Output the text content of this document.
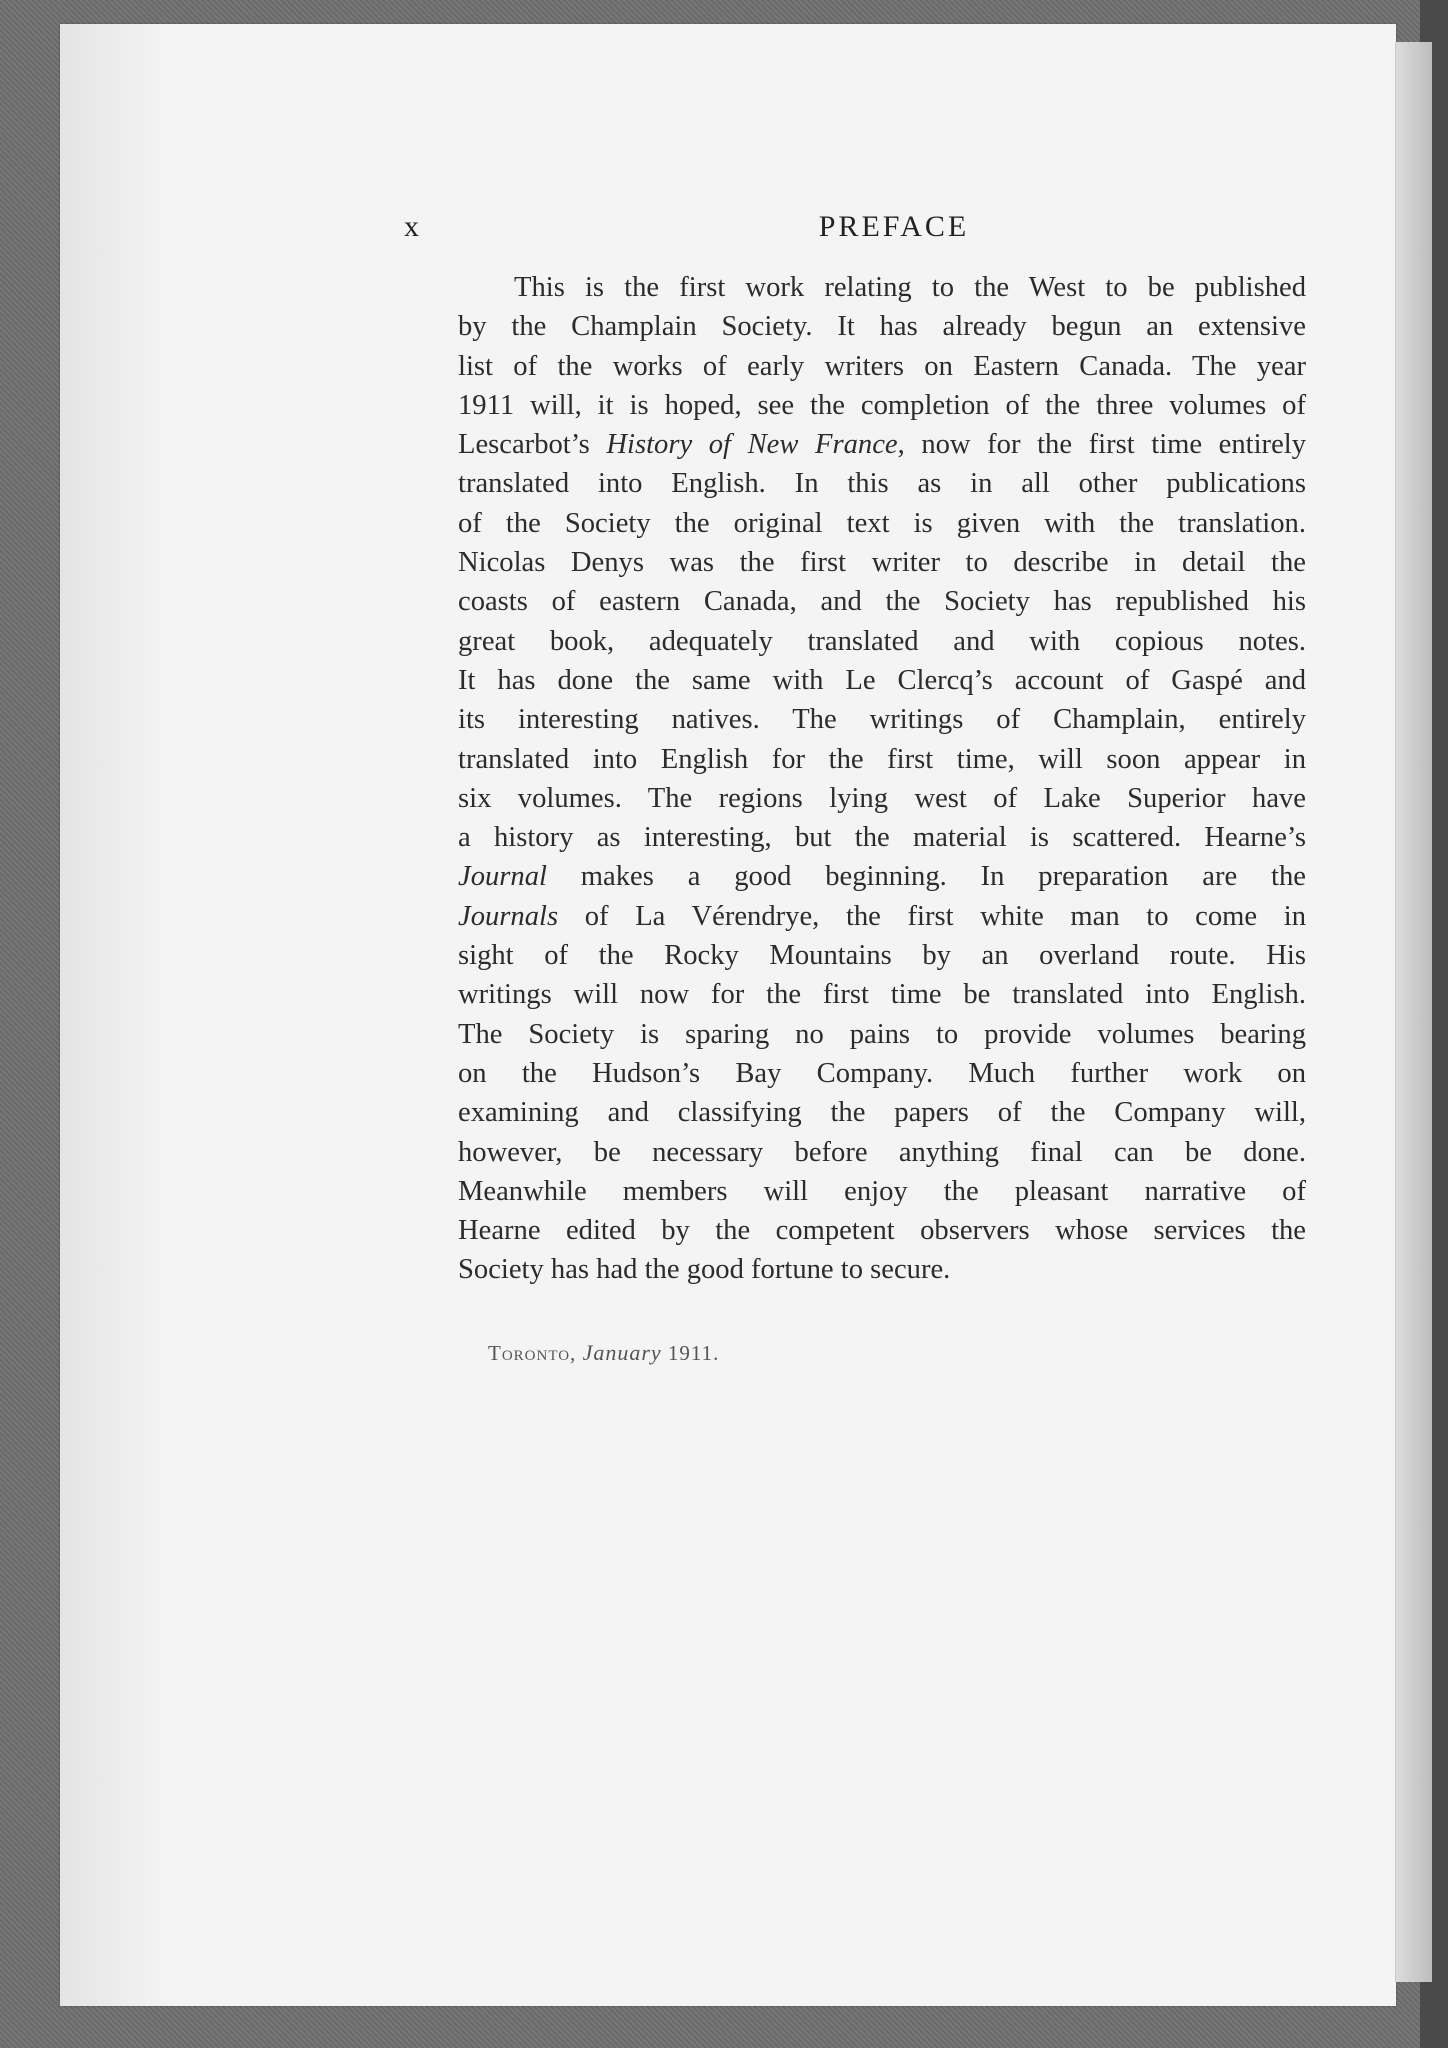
x	PREFACE
This is the first work relating to the West to be published
by the Champlain Society. It has already begun an extensive
list of the works of early writers on Eastern Canada. The year
1911 will, it is hoped, see the completion of the three volumes of
Lescarbot’s History of New France, now for the first time entirely
translated into English. In this as in all other publications
of the Society the original text is given with the translation.
Nicolas Denys was the first writer to describe in detail the
coasts of eastern Canada, and the Society has republished his
great book, adequately translated and with copious notes.
It has done the same with Le Clercq’s account of Gaspé and
its interesting natives. The writings of Champlain, entirely
translated into English for the first time, will soon appear in
six volumes. The regions lying west of Lake Superior have
a history as interesting, but the material is scattered. Hearne’s
Journal makes a good beginning. In preparation are the
Journals of La Vérendrye, the first white man to come in
sight of the Rocky Mountains by an overland route. His
writings will now for the first time be translated into English.
The Society is sparing no pains to provide volumes bearing
on the Hudson’s Bay Company. Much further work on
examining and classifying the papers of the Company will,
however, be necessary before anything final can be done.
Meanwhile members will enjoy the pleasant narrative of
Hearne edited by the competent observers whose services the
Society has had the good fortune to secure.
Toronto, January 1911.
